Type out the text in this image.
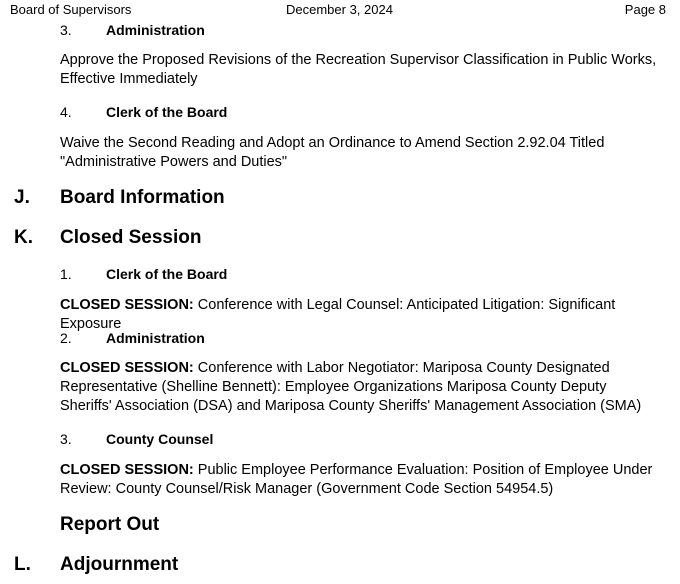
Board of Supervisors	December 3, 2024	Page 8
3. Administration
Approve the Proposed Revisions of the Recreation Supervisor Classification in Public Works, Effective Immediately
4. Clerk of the Board
Waive the Second Reading and Adopt an Ordinance to Amend Section 2.92.04 Titled "Administrative Powers and Duties"
J. Board Information
K. Closed Session
1. Clerk of the Board
CLOSED SESSION: Conference with Legal Counsel: Anticipated Litigation: Significant Exposure
2. Administration
CLOSED SESSION: Conference with Labor Negotiator: Mariposa County Designated Representative (Shelline Bennett): Employee Organizations Mariposa County Deputy Sheriffs' Association (DSA) and Mariposa County Sheriffs' Management Association (SMA)
3. County Counsel
CLOSED SESSION: Public Employee Performance Evaluation: Position of Employee Under Review: County Counsel/Risk Manager (Government Code Section 54954.5)
Report Out
L. Adjournment
